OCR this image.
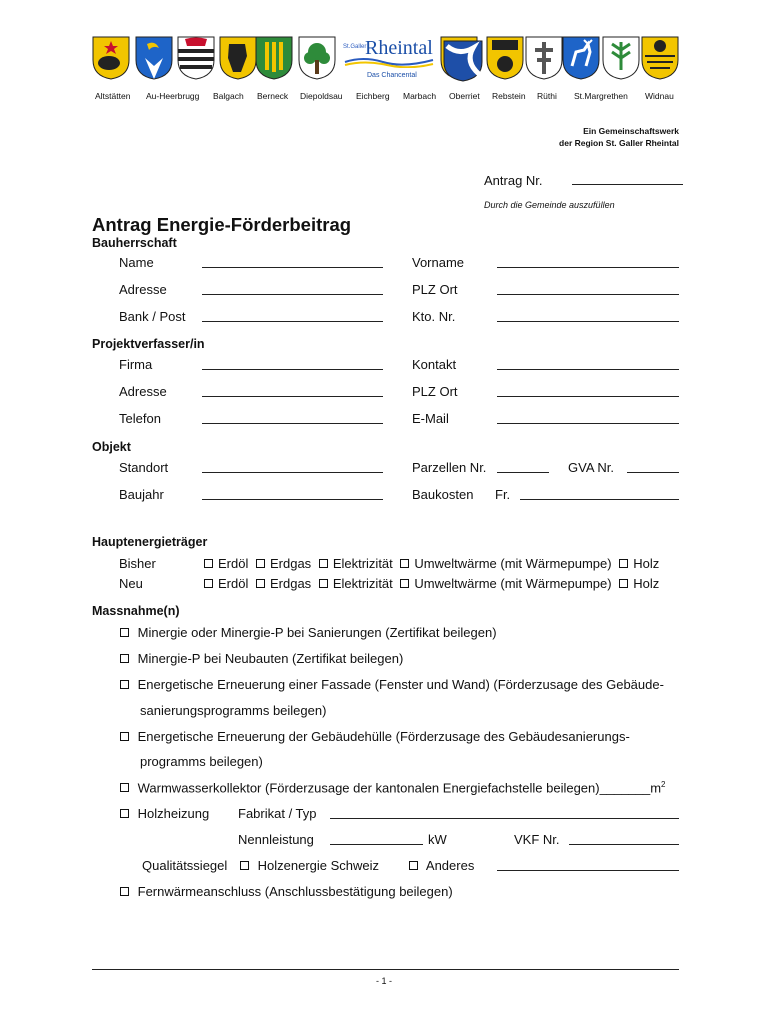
St.Galler
Rheintal
Das Chancental
Altstätten Au-Heerbrugg Balgach Berneck Diepoldsau Eichberg Marbach Oberriet Rebstein Rüthi St.Margrethen Widnau
Ein Gemeinschaftswerk
der Region St. Galler Rheintal
Antrag Nr.
Durch die Gemeinde auszufüllen
Antrag Energie-Förderbeitrag
Bauherrschaft
Name	Vorname
Adresse	PLZ Ort
Bank / Post	Kto. Nr.
Projektverfasser/in
Firma	Kontakt
Adresse	PLZ Ort
Telefon	E-Mail
Objekt
Standort	Parzellen Nr.	GVA Nr.
Baujahr	Baukosten Fr.
Hauptenergieträger
Bisher	Erdöl Erdgas Elektrizität Umweltwärme (mit Wärmepumpe) Holz
Neu	Erdöl Erdgas Elektrizität Umweltwärme (mit Wärmepumpe) Holz
Massnahme(n)
Minergie oder Minergie-P bei Sanierungen (Zertifikat beilegen)
Minergie-P bei Neubauten (Zertifikat beilegen)
Energetische Erneuerung einer Fassade (Fenster und Wand) (Förderzusage des Gebäude-
sanierungsprogramms beilegen)
Energetische Erneuerung der Gebäudehülle (Förderzusage des Gebäudesanierungs-
programms beilegen)
Warmwasserkollektor (Förderzusage der kantonalen Energiefachstelle $beilegen)\_\_\_\_\_\_\_m^2$
Holzheizung Fabrikat / Typ
Nennleistung	kW	VKF Nr.
Qualitätssiegel	Holzenergie Schweiz	Anderes
Fernwärmeanschluss (Anschlussbestätigung beilegen)
- 1 -
